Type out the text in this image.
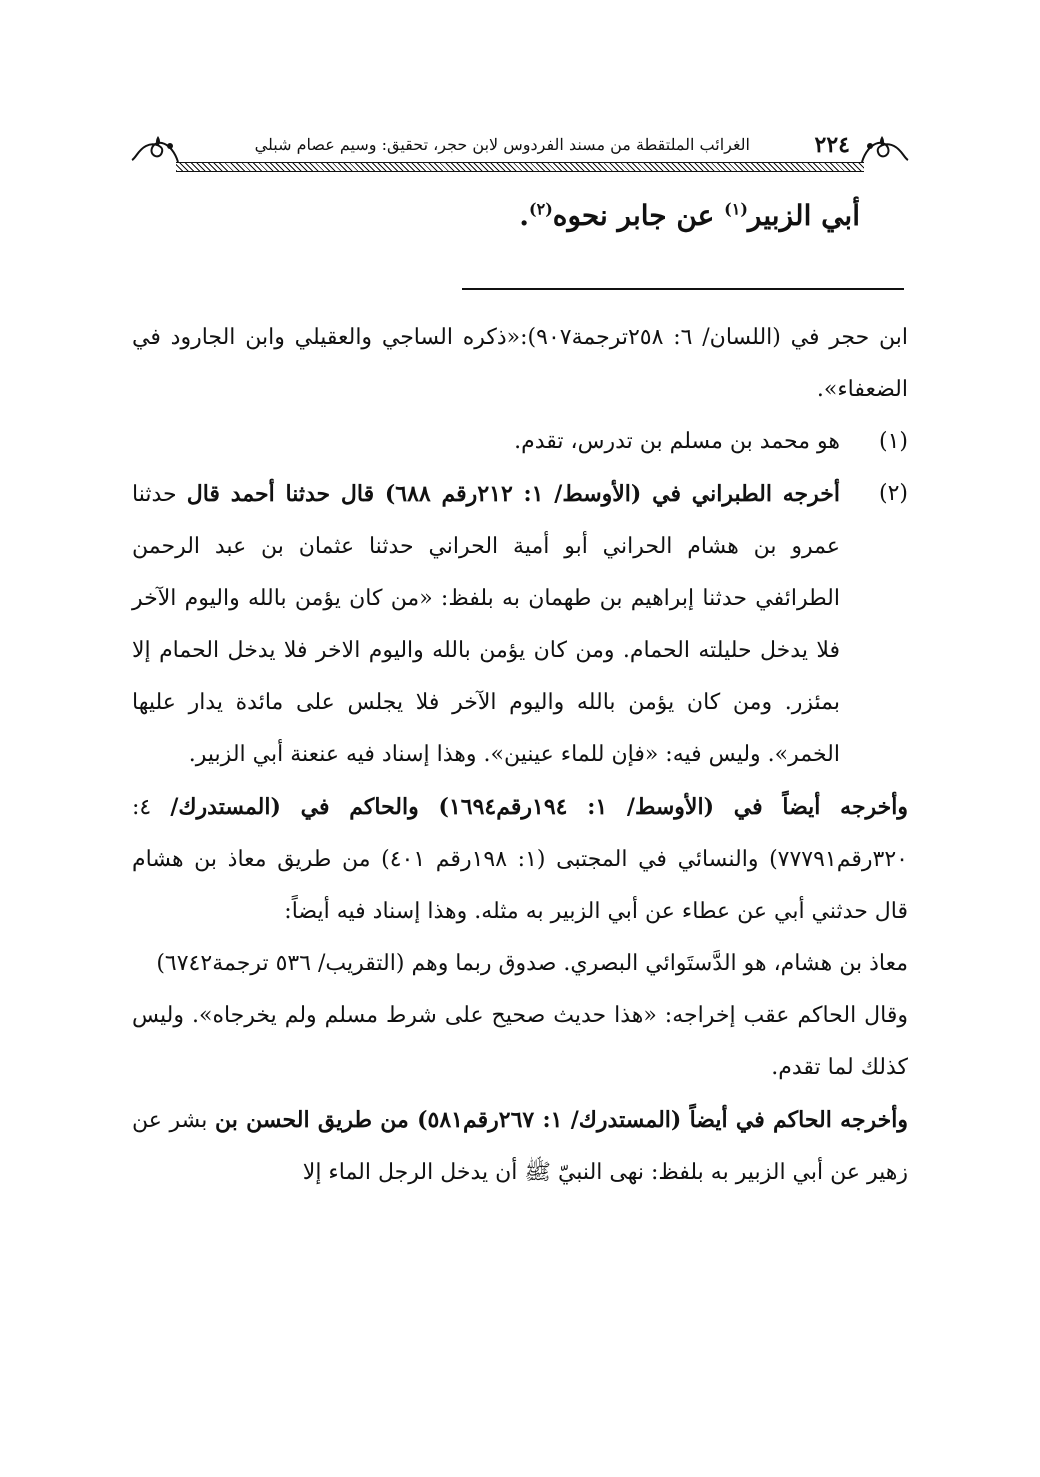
٢٢٤
الغرائب الملتقطة من مسند الفردوس لابن حجر، تحقيق: وسيم عصام شبلي
أبي الزبير$^{(١)}$ عن جابر نحوه$^{(٢)}$.

ابن حجر في (اللسان/ ٦: ٢٥٨ترجمة٩٠٧):«ذكره الساجي والعقيلي وابن الجارود في الضعفاء».

(١)
هو محمد بن مسلم بن تدرس، تقدم.
(٢)
أخرجه الطبراني في (الأوسط/ ١: ٢١٢رقم ٦٨٨) قال حدثنا أحمد قال حدثنا عمرو بن هشام الحراني أبو أمية الحراني حدثنا عثمان بن عبد الرحمن الطرائفي حدثنا إبراهيم بن طهمان به بلفظ: «من كان يؤمن بالله واليوم الآخر فلا يدخل حليلته الحمام. ومن كان يؤمن بالله واليوم الاخر فلا يدخل الحمام إلا بمئزر. ومن كان يؤمن بالله واليوم الآخر فلا يجلس على مائدة يدار عليها الخمر». وليس فيه: «فإن للماء عينين». وهذا إسناد فيه عنعنة أبي الزبير.

وأخرجه أيضاً في (الأوسط/ ١: ١٩٤رقم١٦٩٤) والحاكم في (المستدرك/ ٤: ٣٢٠رقم٧٧٧٩١) والنسائي في المجتبى (١: ١٩٨رقم ٤٠١) من طريق معاذ بن هشام قال حدثني أبي عن عطاء عن أبي الزبير به مثله. وهذا إسناد فيه أيضاً:

معاذ بن هشام، هو الدَّستَوائي البصري. صدوق ربما وهم (التقريب/ ٥٣٦ ترجمة٦٧٤٢)

وقال الحاكم عقب إخراجه: «هذا حديث صحيح على شرط مسلم ولم يخرجاه». وليس كذلك لما تقدم.

وأخرجه الحاكم في أيضاً (المستدرك/ ١: ٢٦٧رقم٥٨١) من طريق الحسن بن بشر عن زهير عن أبي الزبير به بلفظ: نهى النبيّ ﷺ أن يدخل الرجل الماء إلا
